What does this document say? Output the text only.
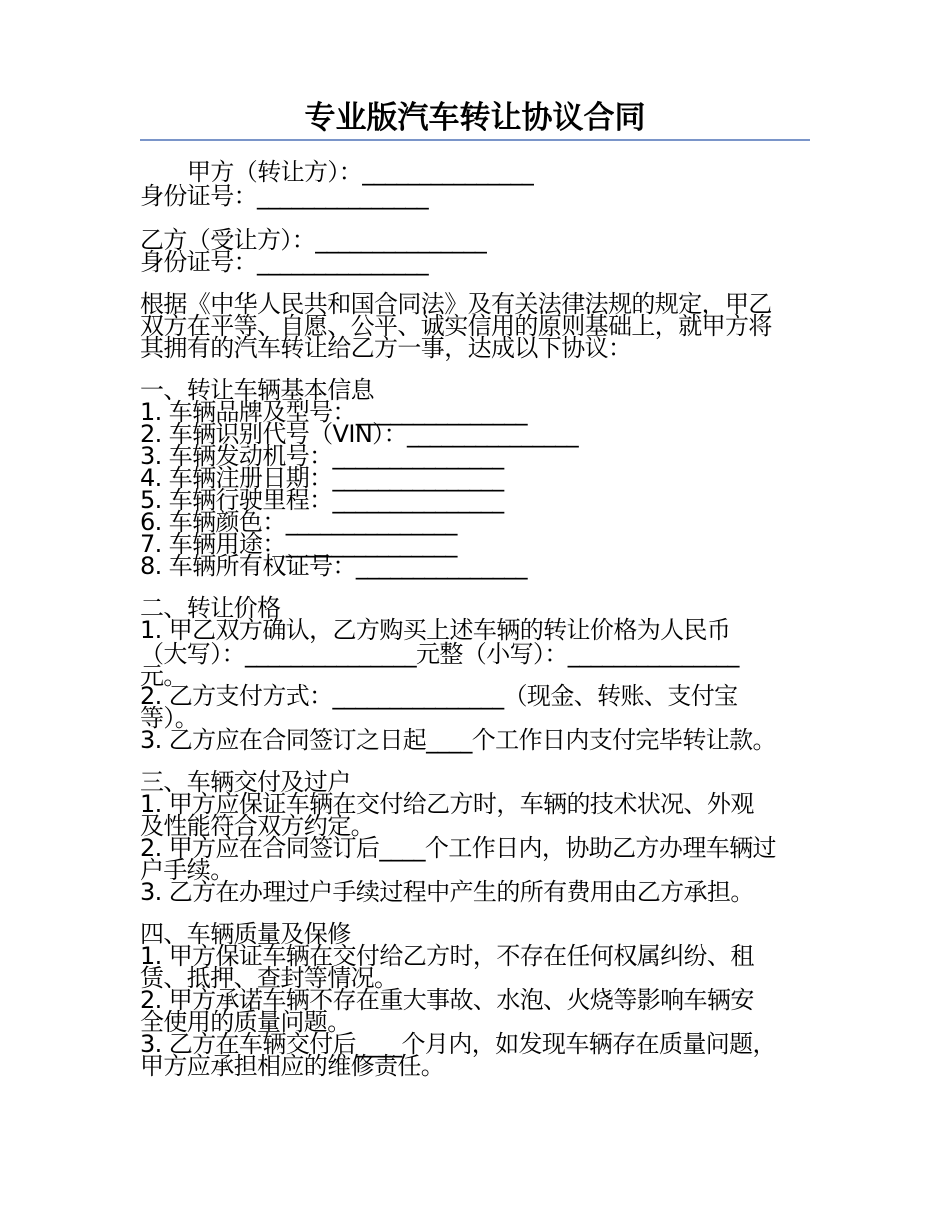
专业版汽车转让协议合同
甲方（转让方）：_______________
身份证号：_______________
乙方（受让方）：_______________
身份证号：_______________
根据《中华人民共和国合同法》及有关法律法规的规定，甲乙
双方在平等、自愿、公平、诚实信用的原则基础上，就甲方将
其拥有的汽车转让给乙方一事，达成以下协议：
一、转让车辆基本信息
1. 车辆品牌及型号：_______________
2. 车辆识别代号（VIN）：_______________
3. 车辆发动机号：_______________
4. 车辆注册日期：_______________
5. 车辆行驶里程：_______________
6. 车辆颜色：_______________
7. 车辆用途：_______________
8. 车辆所有权证号：_______________
二、转让价格
1. 甲乙双方确认，乙方购买上述车辆的转让价格为人民币
（大写）：_______________元整（小写）：_______________
元。
2. 乙方支付方式：_______________（现金、转账、支付宝
等）。
3. 乙方应在合同签订之日起____个工作日内支付完毕转让款。
三、车辆交付及过户
1. 甲方应保证车辆在交付给乙方时，车辆的技术状况、外观
及性能符合双方约定。
2. 甲方应在合同签订后____个工作日内，协助乙方办理车辆过
户手续。
3. 乙方在办理过户手续过程中产生的所有费用由乙方承担。
四、车辆质量及保修
1. 甲方保证车辆在交付给乙方时，不存在任何权属纠纷、租
赁、抵押、查封等情况。
2. 甲方承诺车辆不存在重大事故、水泡、火烧等影响车辆安
全使用的质量问题。
3. 乙方在车辆交付后____个月内，如发现车辆存在质量问题，
甲方应承担相应的维修责任。
